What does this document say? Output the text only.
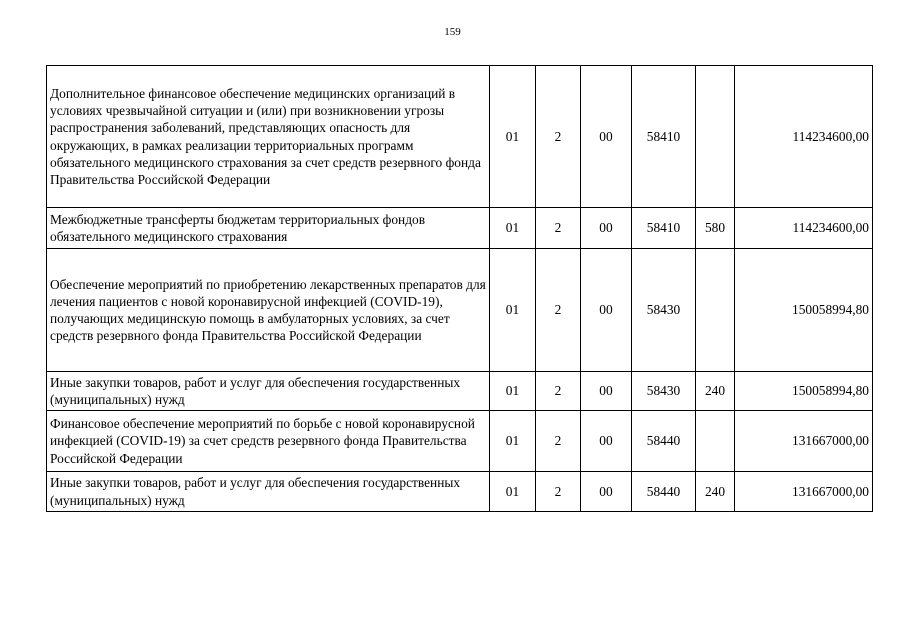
159
Дополнительное финансовое обеспечение медицинских организаций в условиях чрезвычайной ситуации и (или) при возникновении угрозы распространения заболеваний, представляющих опасность для окружающих, в рамках реализации территориальных программ обязательного медицинского страхования за счет средств резервного фонда Правительства Российской Федерации	01	2	00	58410		114234600,00
Межбюджетные трансферты бюджетам территориальных фондов обязательного медицинского страхования	01	2	00	58410	580	114234600,00
Обеспечение мероприятий по приобретению лекарственных препаратов для лечения пациентов с новой коронавирусной инфекцией (COVID-19), получающих медицинскую помощь в амбулаторных условиях, за счет средств резервного фонда Правительства Российской Федерации	01	2	00	58430		150058994,80
Иные закупки товаров, работ и услуг для обеспечения государственных (муниципальных) нужд	01	2	00	58430	240	150058994,80
Финансовое обеспечение мероприятий по борьбе с новой коронавирусной инфекцией (COVID-19) за счет средств резервного фонда Правительства Российской Федерации	01	2	00	58440		131667000,00
Иные закупки товаров, работ и услуг для обеспечения государственных (муниципальных) нужд	01	2	00	58440	240	131667000,00
